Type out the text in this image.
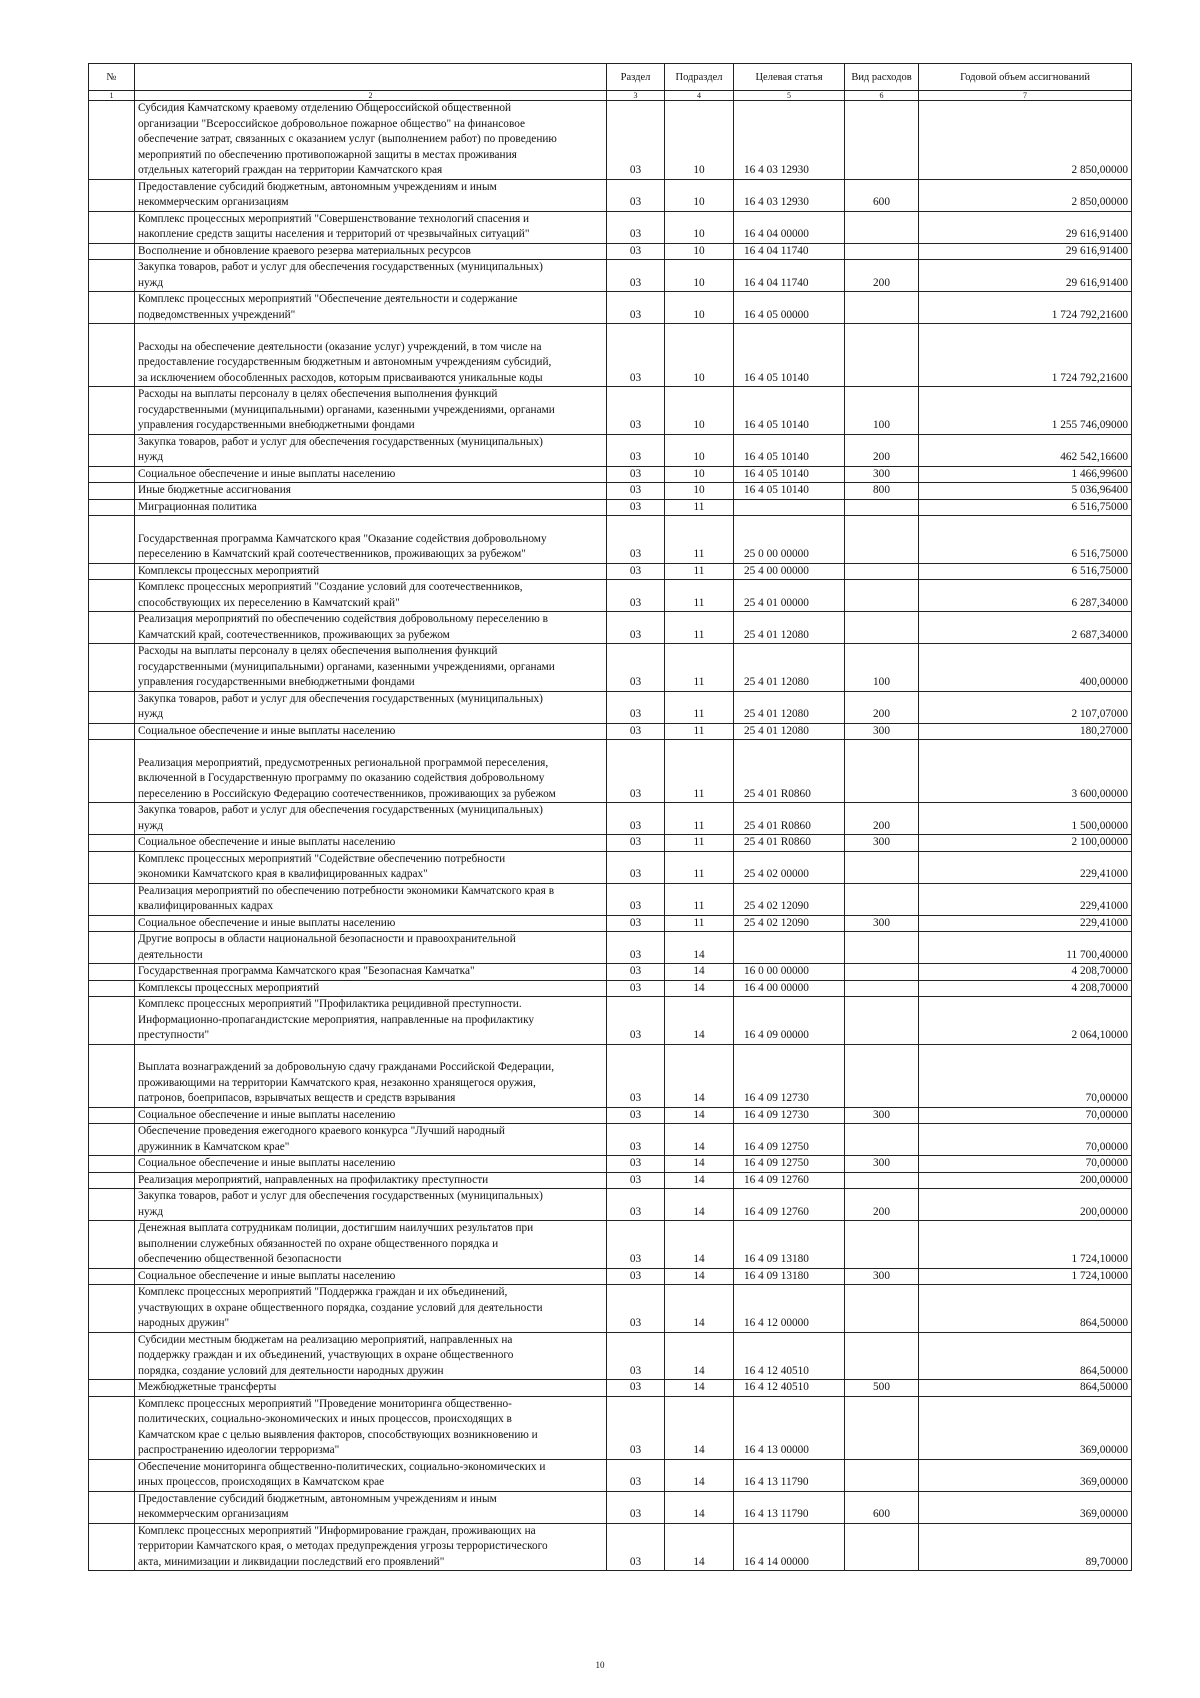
№		Раздел	Подраздел	Целевая статья	Вид расходов	Годовой объем ассигнований
1	2	3	4	5	6	7
	Субсидия Камчатскому краевому отделению Общероссийской общественной
организации "Всероссийское добровольное пожарное общество" на финансовое
обеспечение затрат, связанных с оказанием услуг (выполнением работ) по проведению
мероприятий по обеспечению противопожарной защиты в местах проживания
отдельных категорий граждан на территории Камчатского края	03	10	16 4 03 12930		2 850,00000
	Предоставление субсидий бюджетным, автономным учреждениям и иным
некоммерческим организациям	03	10	16 4 03 12930	600	2 850,00000
	Комплекс процессных мероприятий "Совершенствование технологий спасения и
накопление средств защиты населения и территорий от чрезвычайных ситуаций"	03	10	16 4 04 00000		29 616,91400
	Восполнение и обновление краевого резерва материальных ресурсов	03	10	16 4 04 11740		29 616,91400
	Закупка товаров, работ и услуг для обеспечения государственных (муниципальных)
нужд	03	10	16 4 04 11740	200	29 616,91400
	Комплекс процессных мероприятий "Обеспечение деятельности и содержание
подведомственных учреждений"	03	10	16 4 05 00000		1 724 792,21600

Расходы на обеспечение деятельности (оказание услуг) учреждений, в том числе на
предоставление государственным бюджетным и автономным учреждениям субсидий,
за исключением обособленных расходов, которым присваиваются уникальные коды	03	10	16 4 05 10140		1 724 792,21600
	Расходы на выплаты персоналу в целях обеспечения выполнения функций
государственными (муниципальными) органами, казенными учреждениями, органами
управления государственными внебюджетными фондами	03	10	16 4 05 10140	100	1 255 746,09000
	Закупка товаров, работ и услуг для обеспечения государственных (муниципальных)
нужд	03	10	16 4 05 10140	200	462 542,16600
	Социальное обеспечение и иные выплаты населению	03	10	16 4 05 10140	300	1 466,99600
	Иные бюджетные ассигнования	03	10	16 4 05 10140	800	5 036,96400
	Миграционная политика	03	11			6 516,75000

Государственная программа Камчатского края "Оказание содействия добровольному
переселению в Камчатский край соотечественников, проживающих за рубежом"	03	11	25 0 00 00000		6 516,75000
	Комплексы процессных мероприятий	03	11	25 4 00 00000		6 516,75000
	Комплекс процессных мероприятий "Создание условий для соотечественников,
способствующих их переселению в Камчатский край"	03	11	25 4 01 00000		6 287,34000
	Реализация мероприятий по обеспечению содействия добровольному переселению в
Камчатский край, соотечественников, проживающих за рубежом	03	11	25 4 01 12080		2 687,34000
	Расходы на выплаты персоналу в целях обеспечения выполнения функций
государственными (муниципальными) органами, казенными учреждениями, органами
управления государственными внебюджетными фондами	03	11	25 4 01 12080	100	400,00000
	Закупка товаров, работ и услуг для обеспечения государственных (муниципальных)
нужд	03	11	25 4 01 12080	200	2 107,07000
	Социальное обеспечение и иные выплаты населению	03	11	25 4 01 12080	300	180,27000

Реализация мероприятий, предусмотренных региональной программой переселения,
включенной в Государственную программу по оказанию содействия добровольному
переселению в Российскую Федерацию соотечественников, проживающих за рубежом	03	11	25 4 01 R0860		3 600,00000
	Закупка товаров, работ и услуг для обеспечения государственных (муниципальных)
нужд	03	11	25 4 01 R0860	200	1 500,00000
	Социальное обеспечение и иные выплаты населению	03	11	25 4 01 R0860	300	2 100,00000
	Комплекс процессных мероприятий "Содействие обеспечению потребности
экономики Камчатского края в квалифицированных кадрах"	03	11	25 4 02 00000		229,41000
	Реализация мероприятий по обеспечению потребности экономики Камчатского края в
квалифицированных кадрах	03	11	25 4 02 12090		229,41000
	Социальное обеспечение и иные выплаты населению	03	11	25 4 02 12090	300	229,41000
	Другие вопросы в области национальной безопасности и правоохранительной
деятельности	03	14			11 700,40000
	Государственная программа Камчатского края "Безопасная Камчатка"	03	14	16 0 00 00000		4 208,70000
	Комплексы процессных мероприятий	03	14	16 4 00 00000		4 208,70000
	Комплекс процессных мероприятий "Профилактика рецидивной преступности.
Информационно-пропагандистские мероприятия, направленные на профилактику
преступности"	03	14	16 4 09 00000		2 064,10000

Выплата вознаграждений за добровольную сдачу гражданами Российской Федерации,
проживающими на территории Камчатского края, незаконно хранящегося оружия,
патронов, боеприпасов, взрывчатых веществ и средств взрывания	03	14	16 4 09 12730		70,00000
	Социальное обеспечение и иные выплаты населению	03	14	16 4 09 12730	300	70,00000
	Обеспечение проведения ежегодного краевого конкурса "Лучший народный
дружинник в Камчатском крае"	03	14	16 4 09 12750		70,00000
	Социальное обеспечение и иные выплаты населению	03	14	16 4 09 12750	300	70,00000
	Реализация мероприятий, направленных на профилактику преступности	03	14	16 4 09 12760		200,00000
	Закупка товаров, работ и услуг для обеспечения государственных (муниципальных)
нужд	03	14	16 4 09 12760	200	200,00000
	Денежная выплата сотрудникам полиции, достигшим наилучших результатов при
выполнении служебных обязанностей по охране общественного порядка и
обеспечению общественной безопасности	03	14	16 4 09 13180		1 724,10000
	Социальное обеспечение и иные выплаты населению	03	14	16 4 09 13180	300	1 724,10000
	Комплекс процессных мероприятий "Поддержка граждан и их объединений,
участвующих в охране общественного порядка, создание условий для деятельности
народных дружин"	03	14	16 4 12 00000		864,50000
	Субсидии местным бюджетам на реализацию мероприятий, направленных на
поддержку граждан и их объединений, участвующих в охране общественного
порядка, создание условий для деятельности народных дружин	03	14	16 4 12 40510		864,50000
	Межбюджетные трансферты	03	14	16 4 12 40510	500	864,50000
	Комплекс процессных мероприятий "Проведение мониторинга общественно-
политических, социально-экономических и иных процессов, происходящих в
Камчатском крае с целью выявления факторов, способствующих возникновению и
распространению идеологии терроризма"	03	14	16 4 13 00000		369,00000
	Обеспечение мониторинга общественно-политических, социально-экономических и
иных процессов, происходящих в Камчатском крае	03	14	16 4 13 11790		369,00000
	Предоставление субсидий бюджетным, автономным учреждениям и иным
некоммерческим организациям	03	14	16 4 13 11790	600	369,00000
	Комплекс процессных мероприятий "Информирование граждан, проживающих на
территории Камчатского края, о методах предупреждения угрозы террористического
акта, минимизации и ликвидации последствий его проявлений"	03	14	16 4 14 00000		89,70000
10
